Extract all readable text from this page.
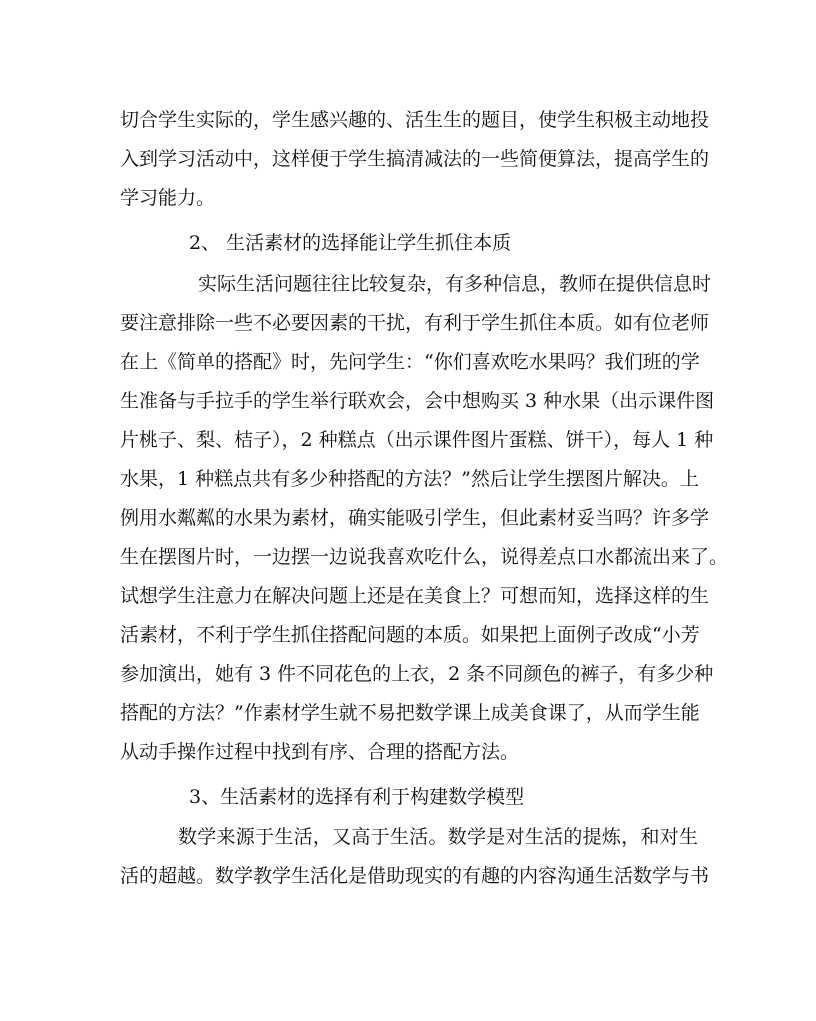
切合学生实际的，学生感兴趣的、活生生的题目，使学生积极主动地投
入到学习活动中，这样便于学生搞清减法的一些简便算法，提高学生的
学习能力。
2、 生活素材的选择能让学生抓住本质
实际生活问题往往比较复杂，有多种信息，教师在提供信息时
要注意排除一些不必要因素的干扰，有利于学生抓住本质。如有位老师
在上《简单的搭配》时，先问学生：“你们喜欢吃水果吗？我们班的学
生准备与手拉手的学生举行联欢会，会中想购买 3 种水果（出示课件图
片桃子、梨、桔子），2 种糕点（出示课件图片蛋糕、饼干），每人 1 种
水果，1 种糕点共有多少种搭配的方法？”然后让学生摆图片解决。上
例用水粼粼的水果为素材，确实能吸引学生，但此素材妥当吗？许多学
生在摆图片时，一边摆一边说我喜欢吃什么，说得差点口水都流出来了。
试想学生注意力在解决问题上还是在美食上？可想而知，选择这样的生
活素材，不利于学生抓住搭配问题的本质。如果把上面例子改成“小芳
参加演出，她有 3 件不同花色的上衣，2 条不同颜色的裤子，有多少种
搭配的方法？”作素材学生就不易把数学课上成美食课了，从而学生能
从动手操作过程中找到有序、合理的搭配方法。
3、生活素材的选择有利于构建数学模型
数学来源于生活，又高于生活。数学是对生活的提炼，和对生
活的超越。数学教学生活化是借助现实的有趣的内容沟通生活数学与书
